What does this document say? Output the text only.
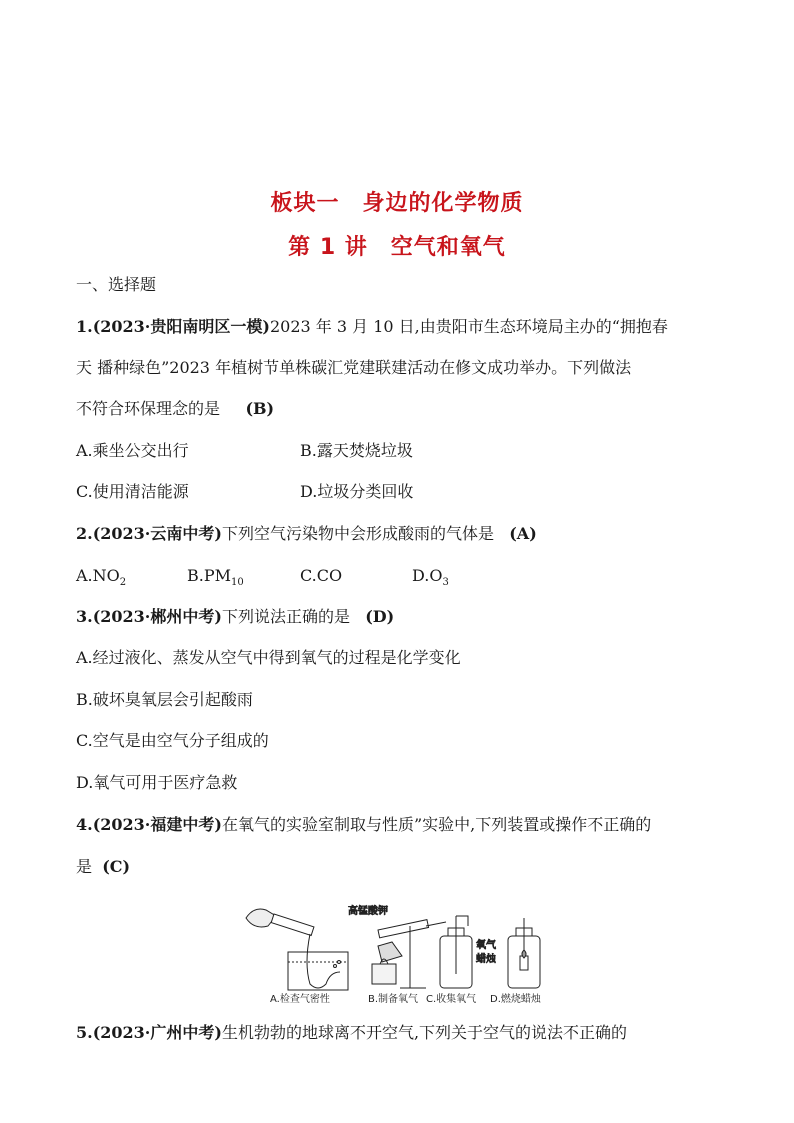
板块一　身边的化学物质
第 1 讲　空气和氧气
一、选择题
1.(2023·贵阳南明区一模)2023 年 3 月 10 日,由贵阳市生态环境局主办的“拥抱春
天 播种绿色”2023 年植树节单株碳汇党建联建活动在修文成功举办。下列做法
不符合环保理念的是 (B)
A.乘坐公交出行	B.露天焚烧垃圾
C.使用清洁能源	D.垃圾分类回收
2.(2023·云南中考)下列空气污染物中会形成酸雨的气体是 (A)
$A.NO_2$	$B.PM_{10}$	C.CO	$D.O_3$
3.(2023·郴州中考)下列说法正确的是 (D)
A.经过液化、蒸发从空气中得到氧气的过程是化学变化
B.破坏臭氧层会引起酸雨
C.空气是由空气分子组成的
D.氧气可用于医疗急救
4.(2023·福建中考)在氧气的实验室制取与性质”实验中,下列装置或操作不正确的
是 (C)
高锰酸钾
氧气
蜡烛
A.检查气密性	B.制备氧气 C.收集氧气 D.燃烧蜡烛
5.(2023·广州中考)生机勃勃的地球离不开空气,下列关于空气的说法不正确的
